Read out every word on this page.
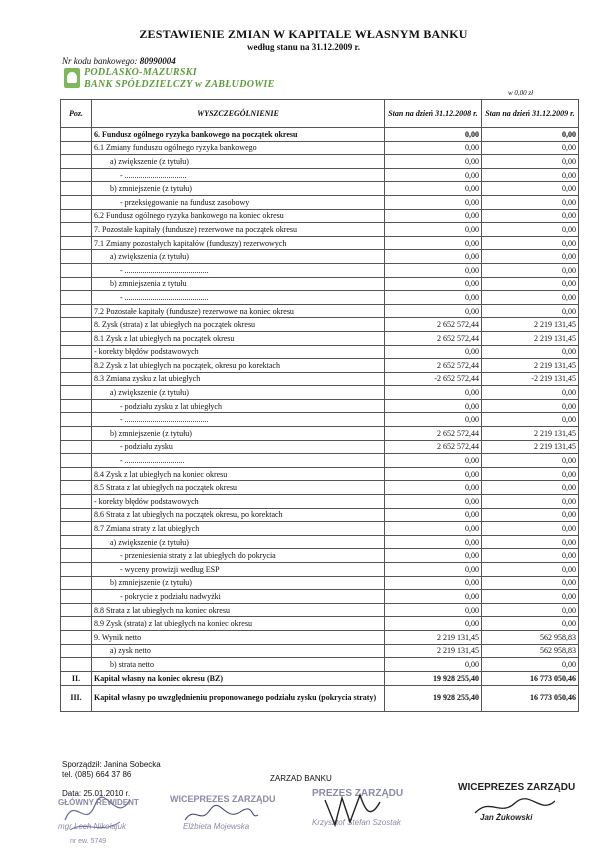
ZESTAWIENIE ZMIAN W KAPITALE WŁASNYM BANKU
według stanu na 31.12.2009 r.
Nr kodu bankowego: 80990004
PODLASKO-MAZURSKI
BANK SPÓŁDZIELCZY w ZABŁUDOWIE
w 0,00 zł
Poz.	WYSZCZEGÓLNIENIE	Stan na dzień 31.12.2008 r.	Stan na dzień 31.12.2009 r.
	6. Fundusz ogólnego ryzyka bankowego na początek okresu	0,00	0,00
	6.1 Zmiany funduszu ogólnego ryzyka bankowego	0,00	0,00
	a) zwiększenie (z tytułu)	0,00	0,00
	- ...............................	0,00	0,00
	b) zmniejszenie (z tytułu)	0,00	0,00
	- przeksięgowanie na fundusz zasobowy	0,00	0,00
	6.2 Fundusz ogólnego ryzyka bankowego na koniec okresu	0,00	0,00
	7. Pozostałe kapitały (fundusze) rezerwowe na początek okresu	0,00	0,00
	7.1 Zmiany pozostałych kapitałów (funduszy) rezerwowych	0,00	0,00
	a) zwiększenia (z tytułu)	0,00	0,00
	- ..........................................	0,00	0,00
	b) zmniejszenia z tytułu	0,00	0,00
	- ..........................................	0,00	0,00
	7.2 Pozostałe kapitały (fundusze) rezerwowe na koniec okresu	0,00	0,00
	8. Zysk (strata) z lat ubiegłych na początek okresu	2 652 572,44	2 219 131,45
	8.1 Zysk z lat ubiegłych na początek okresu	2 652 572,44	2 219 131,45
	- korekty błędów podstawowych	0,00	0,00
	8.2 Zysk z lat ubiegłych na początek, okresu po korektach	2 652 572,44	2 219 131,45
	8.3 Zmiana zysku z lat ubiegłych	-2 652 572,44	-2 219 131,45
	a) zwiększenie (z tytułu)	0,00	0,00
	- podziału zysku z lat ubiegłych	0,00	0,00
	- ..........................................	0,00	0,00
	b) zmniejszenie (z tytułu)	2 652 572,44	2 219 131,45
	- podziału zysku	2 652 572,44	2 219 131,45
	- ..............................	0,00	0,00
	8.4 Zysk z lat ubiegłych na koniec okresu	0,00	0,00
	8.5 Strata z lat ubiegłych na początek okresu	0,00	0,00
	- korekty błędów podstawowych	0,00	0,00
	8.6 Strata z lat ubiegłych na początek okresu, po korektach	0,00	0,00
	8.7 Zmiana straty z lat ubiegłych	0,00	0,00
	a) zwiększenie (z tytułu)	0,00	0,00
	- przeniesienia straty z lat ubiegłych do pokrycia	0,00	0,00
	- wyceny prowizji według ESP	0,00	0,00
	b) zmniejszenie (z tytułu)	0,00	0,00
	- pokrycie z podziału nadwyżki	0,00	0,00
	8.8 Strata z lat ubiegłych na koniec okresu	0,00	0,00
	8.9 Zysk (strata) z lat ubiegłych na koniec okresu	0,00	0,00
	9. Wynik netto	2 219 131,45	562 958,83
	a) zysk netto	2 219 131,45	562 958,83
	b) strata netto	0,00	0,00
II.	Kapitał własny na koniec okresu (BZ)	19 928 255,40	16 773 050,46
III.	Kapitał własny po uwzględnieniu proponowanego podziału zysku (pokrycia straty)	19 928 255,40	16 773 050,46
Sporządził: Janina Sobecka
tel. (085) 664 37 86
Data: 25.01.2010 r.
ZARZAD BANKU
GŁÓWNY REWIDENT
mgr Lech Nikołajuk
nr ew. 5749
WICEPREZES ZARZĄDU
Elżbieta Mojewska
PREZES ZARZĄDU
Krzysztof Stefan Szostak
WICEPREZES ZARZĄDU
Jan Żukowski
